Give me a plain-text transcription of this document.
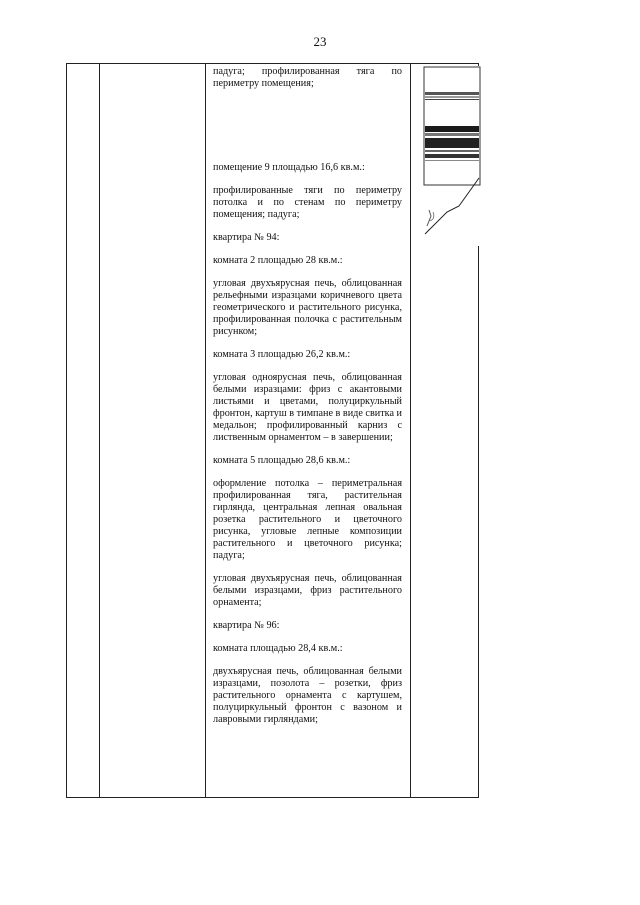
23

падуга; профилированная тяга по периметру помещения;

помещение 9 площадью 16,6 кв.м.:

профилированные тяги по периметру потолка и по стенам по периметру помещения; падуга;

квартира № 94:

комната 2 площадью 28 кв.м.:

угловая двухъярусная печь, облицованная рельефными изразцами коричневого цвета геометрического и растительного рисунка, профилированная полочка с растительным рисунком;

комната 3 площадью 26,2 кв.м.:

угловая одноярусная печь, облицованная белыми изразцами: фриз с акантовыми листьями и цветами, полуциркульный фронтон, картуш в тимпане в виде свитка и медальон; профилированный карниз с лиственным орнаментом – в завершении;

комната 5 площадью 28,6 кв.м.:

оформление потолка – периметральная профилированная тяга, растительная гирлянда, центральная лепная овальная розетка растительного и цветочного рисунка, угловые лепные композиции растительного и цветочного рисунка; падуга;

угловая двухъярусная печь, облицованная белыми изразцами, фриз растительного орнамента;

квартира № 96:

комната площадью 28,4 кв.м.:

двухъярусная печь, облицованная белыми изразцами, позолота – розетки, фриз растительного орнамента с картушем, полуциркульный фронтон с вазоном и лавровыми гирляндами;
